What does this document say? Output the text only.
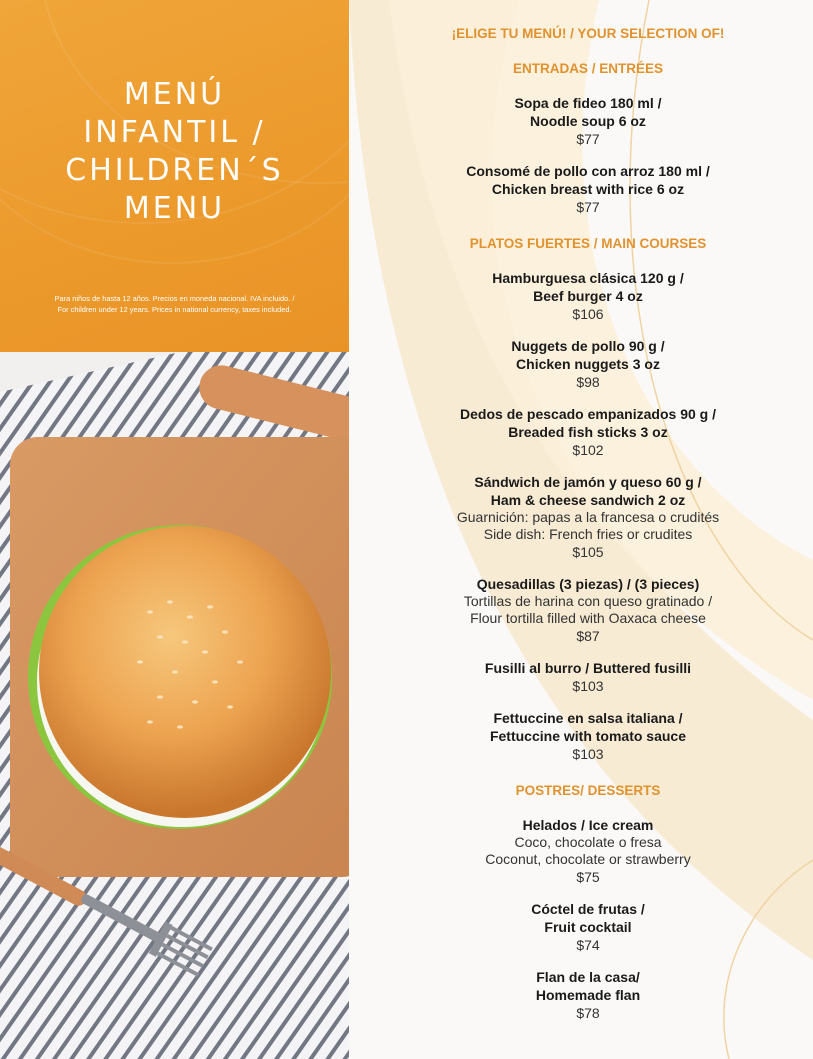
MENÚ
INFANTIL /
CHILDREN´S
MENU
Para niños de hasta 12 años. Precios en moneda nacional. IVA incluido. /
For children under 12 years. Prices in national currency, taxes included.
¡ELIGE TU MENÚ! / YOUR SELECTION OF!
ENTRADAS / ENTRÉES
Sopa de fideo 180 ml /
Noodle soup 6 oz
$77
Consomé de pollo con arroz 180 ml /
Chicken breast with rice 6 oz
$77
PLATOS FUERTES / MAIN COURSES
Hamburguesa clásica 120 g /
Beef burger 4 oz
$106
Nuggets de pollo 90 g /
Chicken nuggets 3 oz
$98
Dedos de pescado empanizados 90 g /
Breaded fish sticks 3 oz
$102
Sándwich de jamón y queso 60 g /
Ham & cheese sandwich 2 oz
Guarnición: papas a la francesa o crudités
Side dish: French fries or crudites
$105
Quesadillas (3 piezas) / (3 pieces)
Tortillas de harina con queso gratinado /
Flour tortilla filled with Oaxaca cheese
$87
Fusilli al burro / Buttered fusilli
$103
Fettuccine en salsa italiana /
Fettuccine with tomato sauce
$103
POSTRES/ DESSERTS
Helados / Ice cream
Coco, chocolate o fresa
Coconut, chocolate or strawberry
$75
Cóctel de frutas /
Fruit cocktail
$74
Flan de la casa/
Homemade flan
$78
